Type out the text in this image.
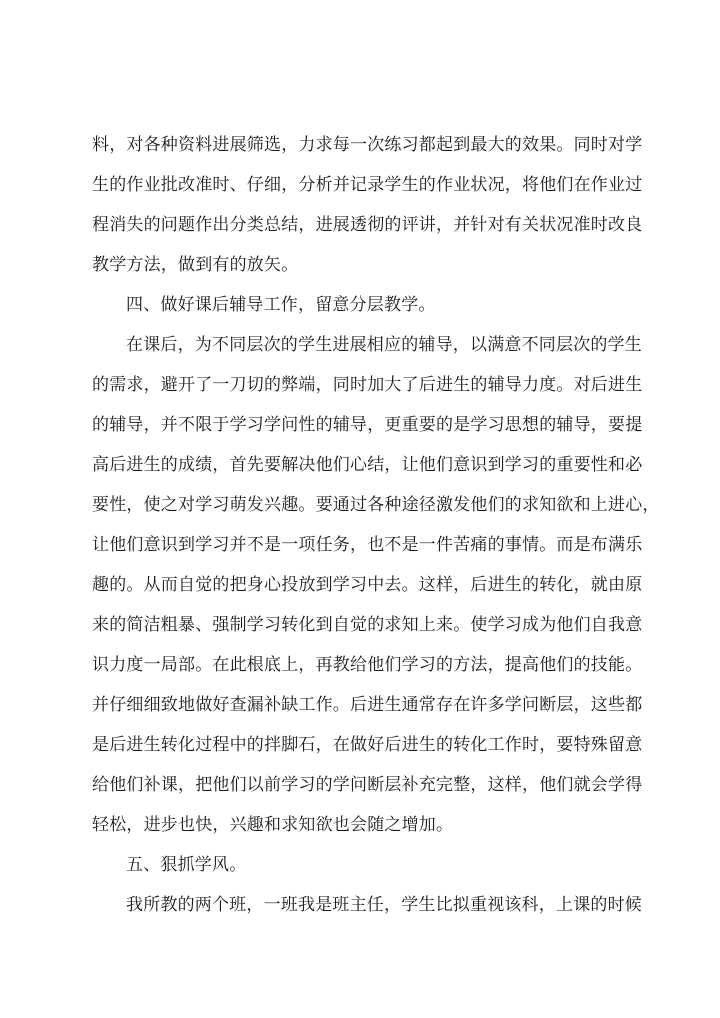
料，对各种资料进展筛选，力求每一次练习都起到最大的效果。同时对学
生的作业批改准时、仔细，分析并记录学生的作业状况，将他们在作业过
程消失的问题作出分类总结，进展透彻的评讲，并针对有关状况准时改良
教学方法，做到有的放矢。
四、做好课后辅导工作，留意分层教学。
在课后，为不同层次的学生进展相应的辅导，以满意不同层次的学生
的需求，避开了一刀切的弊端，同时加大了后进生的辅导力度。对后进生
的辅导，并不限于学习学问性的辅导，更重要的是学习思想的辅导，要提
高后进生的成绩，首先要解决他们心结，让他们意识到学习的重要性和必
要性，使之对学习萌发兴趣。要通过各种途径激发他们的求知欲和上进心，
让他们意识到学习并不是一项任务，也不是一件苦痛的事情。而是布满乐
趣的。从而自觉的把身心投放到学习中去。这样，后进生的转化，就由原
来的简洁粗暴、强制学习转化到自觉的求知上来。使学习成为他们自我意
识力度一局部。在此根底上，再教给他们学习的方法，提高他们的技能。
并仔细细致地做好查漏补缺工作。后进生通常存在许多学问断层，这些都
是后进生转化过程中的拌脚石，在做好后进生的转化工作时，要特殊留意
给他们补课，把他们以前学习的学问断层补充完整，这样，他们就会学得
轻松，进步也快，兴趣和求知欲也会随之增加。
五、狠抓学风。
我所教的两个班，一班我是班主任，学生比拟重视该科，上课的时候
